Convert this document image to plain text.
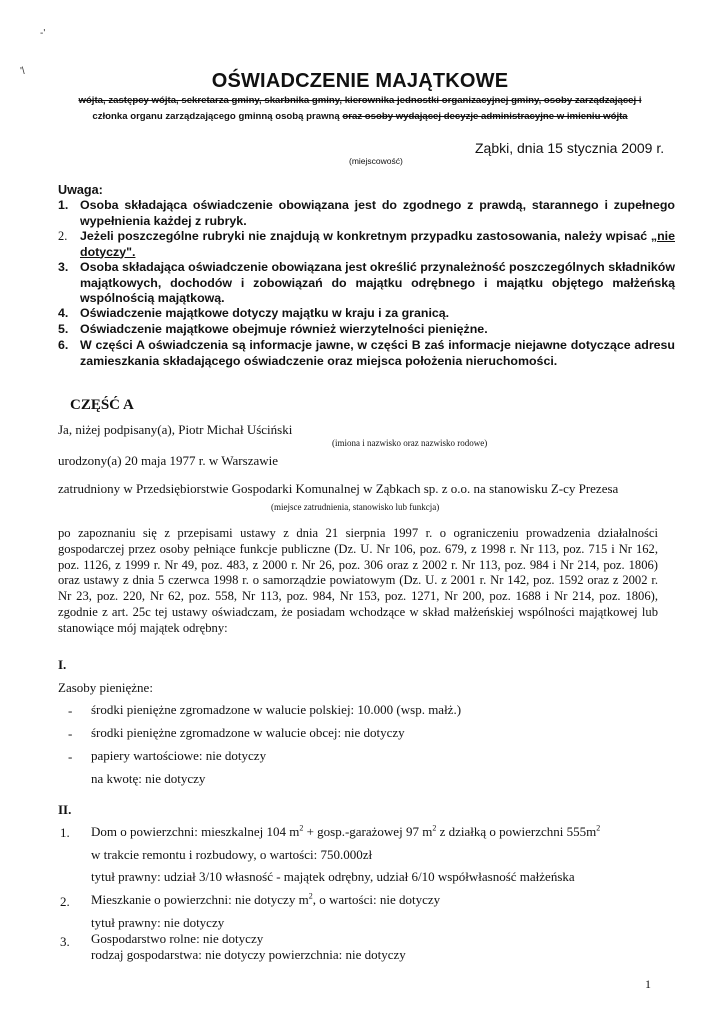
-'
'\	OŚWIADCZENIE MAJĄTKOWE
wójta, zastępcy wójta, sekretarza gminy, skarbnika gminy, kierownika jednostki organizacyjnej gminy, osoby zarządzającej i
członka organu zarządzającego gminną osobą prawną oraz osoby wydającej decyzje administracyjne w imieniu wójta
Ząbki, dnia 15 stycznia 2009 r.
(miejscowość)
Uwaga:
1. Osoba składająca oświadczenie obowiązana jest do zgodnego z prawdą, starannego i zupełnego wypełnienia każdej z rubryk.
2.	Jeżeli poszczególne rubryki nie znajdują w konkretnym przypadku zastosowania, należy wpisać „nie dotyczy".
3. Osoba składająca oświadczenie obowiązana jest określić przynależność poszczególnych składników majątkowych, dochodów i zobowiązań do majątku odrębnego i majątku objętego małżeńską wspólnością majątkową.
4. Oświadczenie majątkowe dotyczy majątku w kraju i za granicą.
5. Oświadczenie majątkowe obejmuje również wierzytelności pieniężne.
6. W części A oświadczenia są informacje jawne, w części B zaś informacje niejawne dotyczące adresu zamieszkania składającego oświadczenie oraz miejsca położenia nieruchomości.
CZĘŚĆ A
Ja, niżej podpisany(a), Piotr Michał Uściński
(imiona i nazwisko oraz nazwisko rodowe)
urodzony(a) 20 maja 1977 r. w Warszawie
zatrudniony w Przedsiębiorstwie Gospodarki Komunalnej w Ząbkach sp. z o.o. na stanowisku Z-cy Prezesa
(miejsce zatrudnienia, stanowisko lub funkcja)
po zapoznaniu się z przepisami ustawy z dnia 21 sierpnia 1997 r. o ograniczeniu prowadzenia działalności gospodarczej przez osoby pełniące funkcje publiczne (Dz. U. Nr 106, poz. 679, z 1998 r. Nr 113, poz. 715 i Nr 162, poz. 1126, z 1999 r. Nr 49, poz. 483, z 2000 r. Nr 26, poz. 306 oraz z 2002 r. Nr 113, poz. 984 i Nr 214, poz. 1806) oraz ustawy z dnia 5 czerwca 1998 r. o samorządzie powiatowym (Dz. U. z 2001 r. Nr 142, poz. 1592 oraz z 2002 r. Nr 23, poz. 220, Nr 62, poz. 558, Nr 113, poz. 984, Nr 153, poz. 1271, Nr 200, poz. 1688 i Nr 214, poz. 1806), zgodnie z art. 25c tej ustawy oświadczam, że posiadam wchodzące w skład małżeńskiej wspólności majątkowej lub stanowiące mój majątek odrębny:
I.
Zasoby pieniężne:
- środki pieniężne zgromadzone w walucie polskiej: 10.000 (wsp. małż.)
- środki pieniężne zgromadzone w walucie obcej: nie dotyczy
- papiery wartościowe: nie dotyczy
na kwotę: nie dotyczy
II.
1. Dom o powierzchni: mieszkalnej 104 $m^2$ + gosp.-garażowej 97 $m^2$ z działką o powierzchni $555m^2$
w trakcie remontu i rozbudowy, o wartości: 750.000zł
tytuł prawny: udział 3/10 własność - majątek odrębny, udział 6/10 współwłasność małżeńska
2. Mieszkanie o powierzchni: nie dotyczy $m^2$, o wartości: nie dotyczy
tytuł prawny: nie dotyczy
3. Gospodarstwo rolne: nie dotyczy
rodzaj gospodarstwa: nie dotyczy powierzchnia: nie dotyczy
1
